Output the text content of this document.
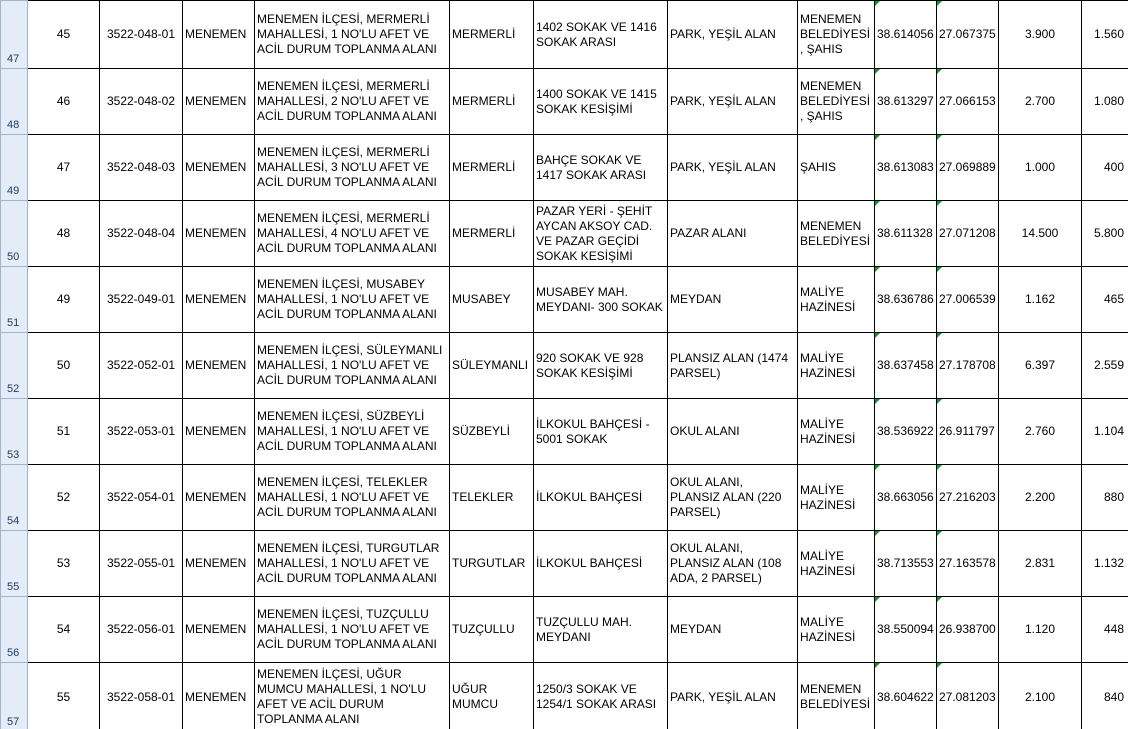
47	45	3522-048-01	MENEMEN	MENEMEN İLÇESİ, MERMERLİ MAHALLESİ, 1 NO'LU AFET VE ACİL DURUM TOPLANMA ALANI	MERMERLİ	1402 SOKAK VE 1416 SOKAK ARASI	PARK, YEŞİL ALAN	MENEMEN BELEDİYESİ, ŞAHIS	38.614056	27.067375	3.900	1.560

48	46	3522-048-02	MENEMEN	MENEMEN İLÇESİ, MERMERLİ MAHALLESİ, 2 NO'LU AFET VE ACİL DURUM TOPLANMA ALANI	MERMERLİ	1400 SOKAK VE 1415 SOKAK KESİŞİMİ	PARK, YEŞİL ALAN	MENEMEN BELEDİYESİ, ŞAHIS	38.613297	27.066153	2.700	1.080

49	47	3522-048-03	MENEMEN	MENEMEN İLÇESİ, MERMERLİ MAHALLESİ, 3 NO'LU AFET VE ACİL DURUM TOPLANMA ALANI	MERMERLİ	BAHÇE SOKAK VE 1417 SOKAK ARASI	PARK, YEŞİL ALAN	ŞAHIS	38.613083	27.069889	1.000	400

50	48	3522-048-04	MENEMEN	MENEMEN İLÇESİ, MERMERLİ MAHALLESİ, 4 NO'LU AFET VE ACİL DURUM TOPLANMA ALANI	MERMERLİ	PAZAR YERİ - ŞEHİT AYCAN AKSOY CAD. VE PAZAR GEÇİDİ SOKAK KESİŞİMİ	PAZAR ALANI	MENEMEN BELEDİYESİ	38.611328	27.071208	14.500	5.800

51	49	3522-049-01	MENEMEN	MENEMEN İLÇESİ, MUSABEY MAHALLESİ, 1 NO'LU AFET VE ACİL DURUM TOPLANMA ALANI	MUSABEY	MUSABEY MAH. MEYDANI- 300 SOKAK	MEYDAN	MALİYE HAZİNESİ	38.636786	27.006539	1.162	465

52	50	3522-052-01	MENEMEN	MENEMEN İLÇESİ, SÜLEYMANLI MAHALLESİ, 1 NO'LU AFET VE ACİL DURUM TOPLANMA ALANI	SÜLEYMANLI	920 SOKAK VE 928 SOKAK KESİŞİMİ	PLANSIZ ALAN (1474 PARSEL)	MALİYE HAZİNESİ	38.637458	27.178708	6.397	2.559

53	51	3522-053-01	MENEMEN	MENEMEN İLÇESİ, SÜZBEYLİ MAHALLESİ, 1 NO'LU AFET VE ACİL DURUM TOPLANMA ALANI	SÜZBEYLİ	İLKOKUL BAHÇESİ - 5001 SOKAK	OKUL ALANI	MALİYE HAZİNESİ	38.536922	26.911797	2.760	1.104

54	52	3522-054-01	MENEMEN	MENEMEN İLÇESİ, TELEKLER MAHALLESİ, 1 NO'LU AFET VE ACİL DURUM TOPLANMA ALANI	TELEKLER	İLKOKUL BAHÇESİ	OKUL ALANI, PLANSIZ ALAN (220 PARSEL)	MALİYE HAZİNESİ	38.663056	27.216203	2.200	880

55	53	3522-055-01	MENEMEN	MENEMEN İLÇESİ, TURGUTLAR MAHALLESİ, 1 NO'LU AFET VE ACİL DURUM TOPLANMA ALANI	TURGUTLAR	İLKOKUL BAHÇESİ	OKUL ALANI, PLANSIZ ALAN (108 ADA, 2 PARSEL)	MALİYE HAZİNESİ	38.713553	27.163578	2.831	1.132

56	54	3522-056-01	MENEMEN	MENEMEN İLÇESİ, TUZÇULLU MAHALLESİ, 1 NO'LU AFET VE ACİL DURUM TOPLANMA ALANI	TUZÇULLU	TUZÇULLU MAH. MEYDANI	MEYDAN	MALİYE HAZİNESİ	38.550094	26.938700	1.120	448

57	55	3522-058-01	MENEMEN	MENEMEN İLÇESİ, UĞUR MUMCU MAHALLESİ, 1 NO'LU AFET VE ACİL DURUM TOPLANMA ALANI	UĞUR MUMCU	1250/3 SOKAK VE 1254/1 SOKAK ARASI	PARK, YEŞİL ALAN	MENEMEN BELEDİYESİ	38.604622	27.081203	2.100	840
